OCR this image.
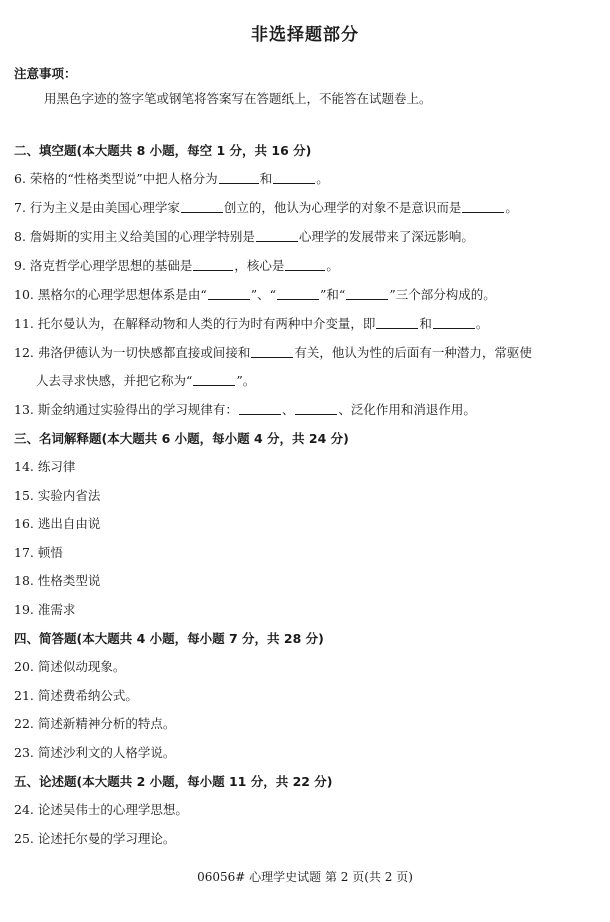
非选择题部分
注意事项：
用黑色字迹的签字笔或钢笔将答案写在答题纸上，不能答在试题卷上。
二、填空题(本大题共 8 小题，每空 1 分，共 16 分)
6. 荣格的“性格类型说”中把人格分为	和	。
7. 行为主义是由美国心理学家	创立的，他认为心理学的对象不是意识而是	。
8. 詹姆斯的实用主义给美国的心理学特别是	心理学的发展带来了深远影响。
9. 洛克哲学心理学思想的基础是	，核心是	。
10. 黑格尔的心理学思想体系是由“	”、“	”和“	”三个部分构成的。
11. 托尔曼认为，在解释动物和人类的行为时有两种中介变量，即	和	。
12. 弗洛伊德认为一切快感都直接或间接和	有关，他认为性的后面有一种潜力，常驱使
人去寻求快感，并把它称为“	”。
13. 斯金纳通过实验得出的学习规律有：	、	、泛化作用和消退作用。
三、名词解释题(本大题共 6 小题，每小题 4 分，共 24 分)
14. 练习律
15. 实验内省法
16. 逃出自由说
17. 顿悟
18. 性格类型说
19. 准需求
四、简答题(本大题共 4 小题，每小题 7 分，共 28 分)
20. 简述似动现象。
21. 简述费希纳公式。
22. 简述新精神分析的特点。
23. 简述沙利文的人格学说。
五、论述题(本大题共 2 小题，每小题 11 分，共 22 分)
24. 论述吴伟士的心理学思想。
25. 论述托尔曼的学习理论。
06056# 心理学史试题 第 2 页(共 2 页)
